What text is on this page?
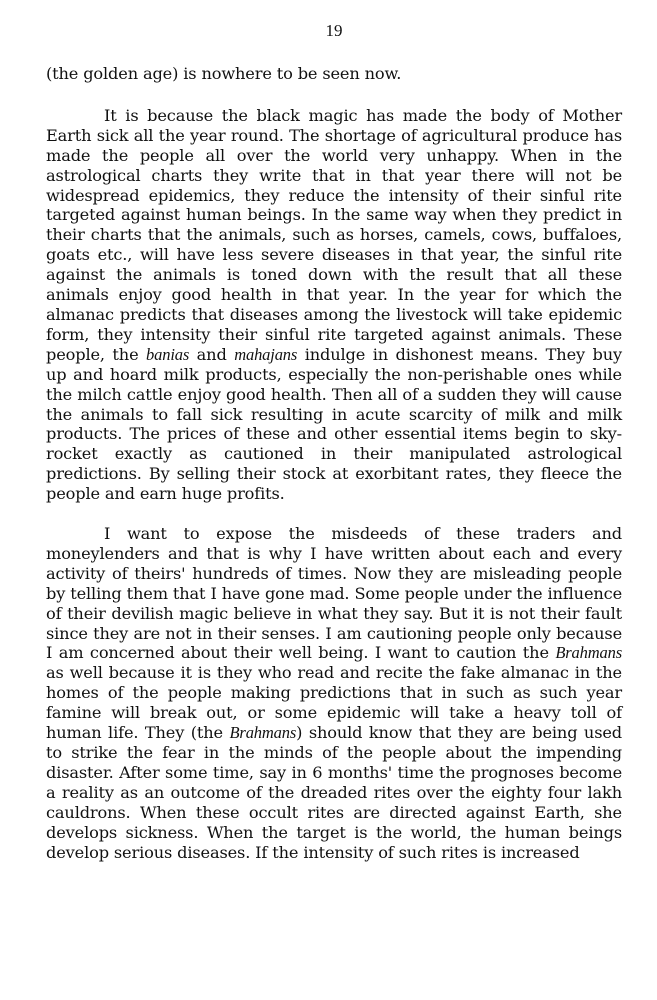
19

(the golden age) is nowhere to be seen now.

It is because the black magic has made the body of Mother Earth sick all the year round. The shortage of agricultural produce has made the people all over the world very unhappy. When in the astrological charts they write that in that year there will not be widespread epidemics, they reduce the intensity of their sinful rite targeted against human beings. In the same way when they predict in their charts that the animals, such as horses, camels, cows, buffaloes, goats etc., will have less severe diseases in that year, the sinful rite against the animals is toned down with the result that all these animals enjoy good health in that year. In the year for which the almanac predicts that diseases among the livestock will take epidemic form, they intensity their sinful rite targeted against animals. These people, the banias and mahajans indulge in dishonest means. They buy up and hoard milk products, especially the non-perishable ones while the milch cattle enjoy good health. Then all of a sudden they will cause the animals to fall sick resulting in acute scarcity of milk and milk products. The prices of these and other essential items begin to sky-rocket exactly as cautioned in their manipulated astrological predictions. By selling their stock at exorbitant rates, they fleece the people and earn huge profits.

I want to expose the misdeeds of these traders and moneylenders and that is why I have written about each and every activity of theirs' hundreds of times. Now they are misleading people by telling them that I have gone mad. Some people under the influence of their devilish magic believe in what they say. But it is not their fault since they are not in their senses. I am cautioning people only because I am concerned about their well being. I want to caution the Brahmans as well because it is they who read and recite the fake almanac in the homes of the people making predictions that in such as such year famine will break out, or some epidemic will take a heavy toll of human life. They (the Brahmans) should know that they are being used to strike the fear in the minds of the people about the impending disaster. After some time, say in 6 months' time the prognoses become a reality as an outcome of the dreaded rites over the eighty four lakh cauldrons. When these occult rites are directed against Earth, she develops sickness. When the target is the world, the human beings develop serious diseases. If the intensity of such rites is increased
